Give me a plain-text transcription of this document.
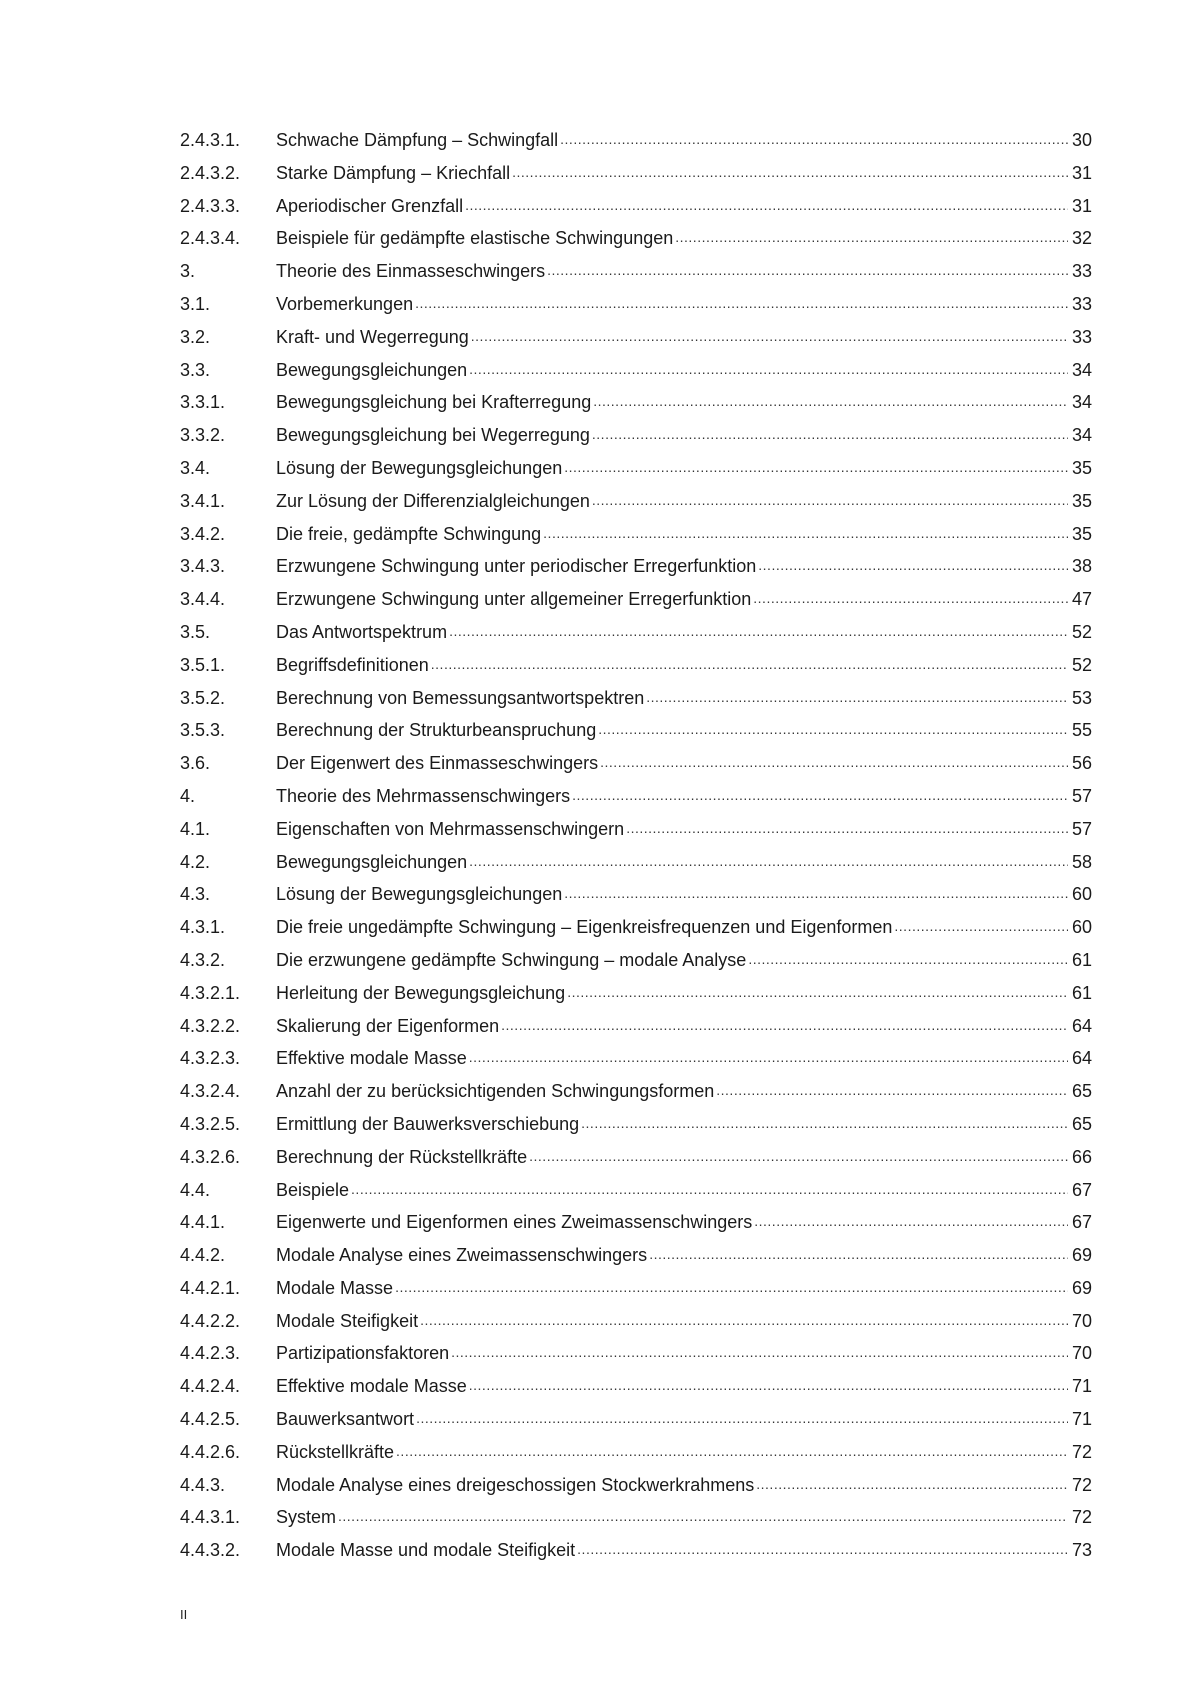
2.4.3.1.	Schwache Dämpfung – Schwingfall .....	30
2.4.3.2.	Starke Dämpfung – Kriechfall .....	31
2.4.3.3.	Aperiodischer Grenzfall .....	31
2.4.3.4.	Beispiele für gedämpfte elastische Schwingungen .....	32
3.	Theorie des Einmasseschwingers .....	33
3.1.	Vorbemerkungen .....	33
3.2.	Kraft- und Wegerregung .....	33
3.3.	Bewegungsgleichungen .....	34
3.3.1.	Bewegungsgleichung bei Krafterregung .....	34
3.3.2.	Bewegungsgleichung bei Wegerregung .....	34
3.4.	Lösung der Bewegungsgleichungen .....	35
3.4.1.	Zur Lösung der Differenzialgleichungen .....	35
3.4.2.	Die freie, gedämpfte Schwingung .....	35
3.4.3.	Erzwungene Schwingung unter periodischer Erregerfunktion .....	38
3.4.4.	Erzwungene Schwingung unter allgemeiner Erregerfunktion .....	47
3.5.	Das Antwortspektrum .....	52
3.5.1.	Begriffsdefinitionen .....	52
3.5.2.	Berechnung von Bemessungsantwortspektren .....	53
3.5.3.	Berechnung der Strukturbeanspruchung .....	55
3.6.	Der Eigenwert des Einmasseschwingers .....	56
4.	Theorie des Mehrmassenschwingers .....	57
4.1.	Eigenschaften von Mehrmassenschwingern .....	57
4.2.	Bewegungsgleichungen .....	58
4.3.	Lösung der Bewegungsgleichungen .....	60
4.3.1.	Die freie ungedämpfte Schwingung – Eigenkreisfrequenzen und Eigenformen .....	60
4.3.2.	Die erzwungene gedämpfte Schwingung – modale Analyse .....	61
4.3.2.1.	Herleitung der Bewegungsgleichung .....	61
4.3.2.2.	Skalierung der Eigenformen .....	64
4.3.2.3.	Effektive modale Masse .....	64
4.3.2.4.	Anzahl der zu berücksichtigenden Schwingungsformen .....	65
4.3.2.5.	Ermittlung der Bauwerksverschiebung .....	65
4.3.2.6.	Berechnung der Rückstellkräfte .....	66
4.4.	Beispiele .....	67
4.4.1.	Eigenwerte und Eigenformen eines Zweimassenschwingers .....	67
4.4.2.	Modale Analyse eines Zweimassenschwingers .....	69
4.4.2.1.	Modale Masse .....	69
4.4.2.2.	Modale Steifigkeit .....	70
4.4.2.3.	Partizipationsfaktoren .....	70
4.4.2.4.	Effektive modale Masse .....	71
4.4.2.5.	Bauwerksantwort .....	71
4.4.2.6.	Rückstellkräfte .....	72
4.4.3.	Modale Analyse eines dreigeschossigen Stockwerkrahmens .....	72
4.4.3.1.	System .....	72
4.4.3.2.	Modale Masse und modale Steifigkeit .....	73
II
